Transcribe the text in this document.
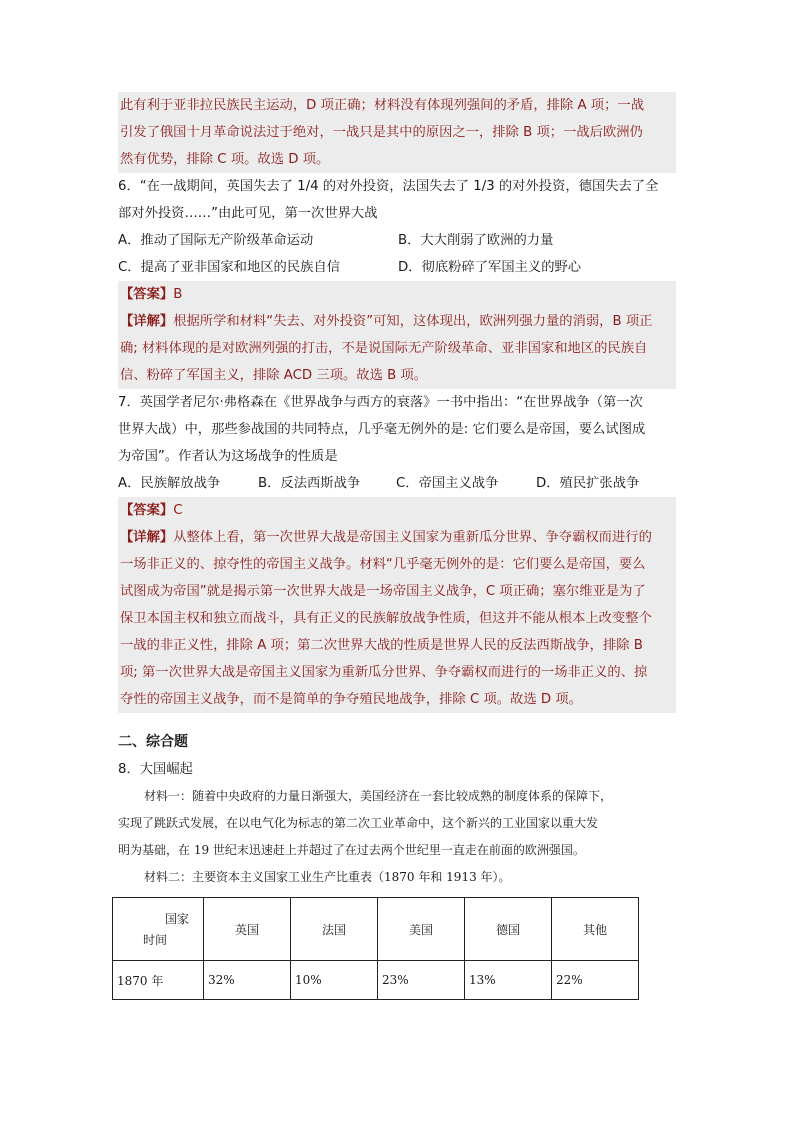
此有利于亚非拉民族民主运动，D 项正确；材料没有体现列强间的矛盾，排除 A 项；一战
引发了俄国十月革命说法过于绝对，一战只是其中的原因之一，排除 B 项；一战后欧洲仍
然有优势，排除 C 项。故选 D 项。
6．“在一战期间，英国失去了 1/4 的对外投资，法国失去了 1/3 的对外投资，德国失去了全
部对外投资……”由此可见，第一次世界大战
A．推动了国际无产阶级革命运动	B．大大削弱了欧洲的力量
C．提高了亚非国家和地区的民族自信	D．彻底粉碎了军国主义的野心
【答案】B
【详解】根据所学和材料“失去、对外投资”可知，这体现出，欧洲列强力量的消弱，B 项正
确; 材料体现的是对欧洲列强的打击，不是说国际无产阶级革命、亚非国家和地区的民族自
信、粉碎了军国主义，排除 ACD 三项。故选 B 项。
7．英国学者尼尔·弗格森在《世界战争与西方的衰落》一书中指出：“在世界战争（第一次
世界大战）中，那些参战国的共同特点，几乎毫无例外的是: 它们要么是帝国，要么试图成
为帝国”。作者认为这场战争的性质是
A．民族解放战争	B．反法西斯战争	C．帝国主义战争	D．殖民扩张战争
【答案】C
【详解】从整体上看，第一次世界大战是帝国主义国家为重新瓜分世界、争夺霸权而进行的
一场非正义的、掠夺性的帝国主义战争。材料“几乎毫无例外的是：它们要么是帝国，要么
试图成为帝国”就是揭示第一次世界大战是一场帝国主义战争，C 项正确；塞尔维亚是为了
保卫本国主权和独立而战斗，具有正义的民族解放战争性质，但这并不能从根本上改变整个
一战的非正义性，排除 A 项；第二次世界大战的性质是世界人民的反法西斯战争，排除 B
项; 第一次世界大战是帝国主义国家为重新瓜分世界、争夺霸权而进行的一场非正义的、掠
夺性的帝国主义战争，而不是简单的争夺殖民地战争，排除 C 项。故选 D 项。
二、综合题
8．大国崛起
材料一：随着中央政府的力量日渐强大，美国经济在一套比较成熟的制度体系的保障下，
实现了跳跃式发展，在以电气化为标志的第二次工业革命中，这个新兴的工业国家以重大发
明为基础，在 19 世纪末迅速赶上并超过了在过去两个世纪里一直走在前面的欧洲强国。
材料二：主要资本主义国家工业生产比重表（1870 年和 1913 年）。
国家
时间	英国	法国	美国	德国	其他
1870 年	32%	10%	23%	13%	22%
